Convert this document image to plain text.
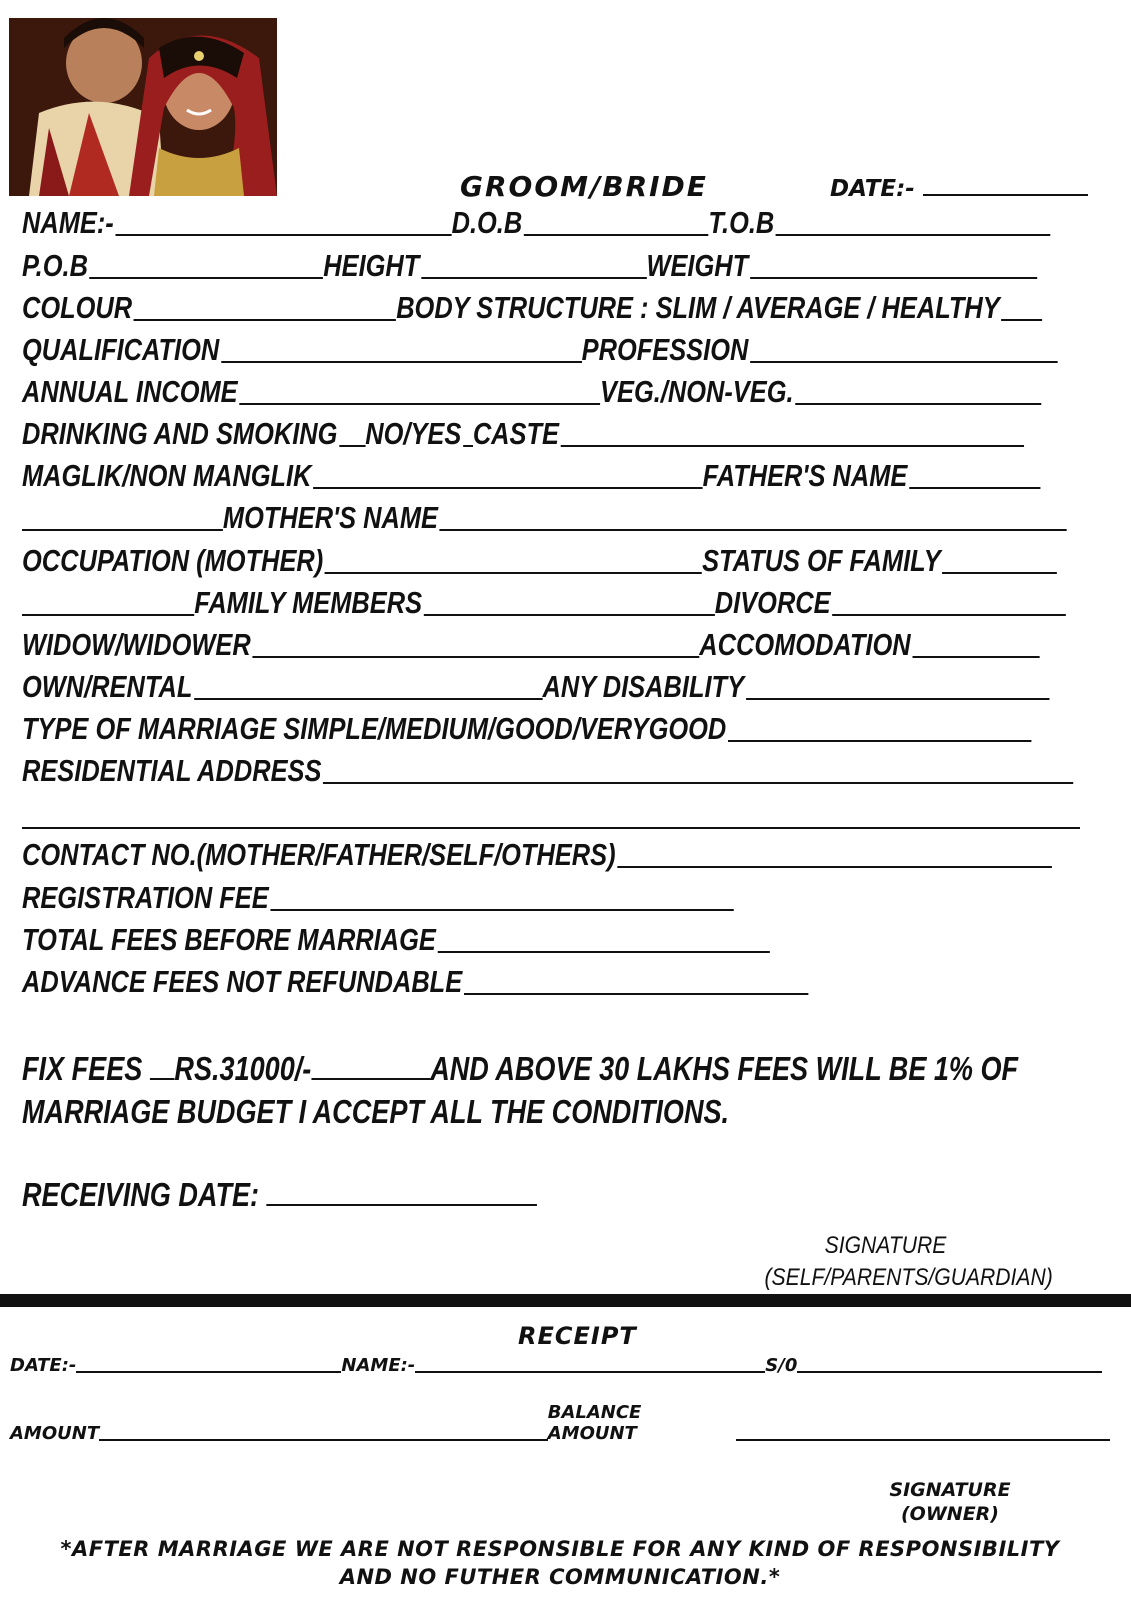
GROOM/BRIDE	DATE:-
NAME:-	D.O.B	T.O.B
P.O.B	HEIGHT	WEIGHT
COLOUR	BODY STRUCTURE : SLIM / AVERAGE / HEALTHY
QUALIFICATION	PROFESSION
ANNUAL INCOME	VEG./NON-VEG.
DRINKING AND SMOKING NO/YES CASTE
MAGLIK/NON MANGLIK	FATHER'S NAME
MOTHER'S NAME
OCCUPATION (MOTHER)	STATUS OF FAMILY
FAMILY MEMBERS	DIVORCE
WIDOW/WIDOWER	ACCOMODATION
OWN/RENTAL	ANY DISABILITY
TYPE OF MARRIAGE SIMPLE/MEDIUM/GOOD/VERYGOOD
RESIDENTIAL ADDRESS
CONTACT NO.(MOTHER/FATHER/SELF/OTHERS)
REGISTRATION FEE
TOTAL FEES BEFORE MARRIAGE
ADVANCE FEES NOT REFUNDABLE
FIX FEES RS.31000/-	AND ABOVE 30 LAKHS FEES WILL BE 1% OF
MARRIAGE BUDGET I ACCEPT ALL THE CONDITIONS.
RECEIVING DATE:
SIGNATURE
(SELF/PARENTS/GUARDIAN)
RECEIPT
DATE:-	NAME:-	S/0
AMOUNT
BALANCE AMOUNT
SIGNATURE
(OWNER)
*AFTER MARRIAGE WE ARE NOT RESPONSIBLE FOR ANY KIND OF RESPONSIBILITY
AND NO FUTHER COMMUNICATION.*
